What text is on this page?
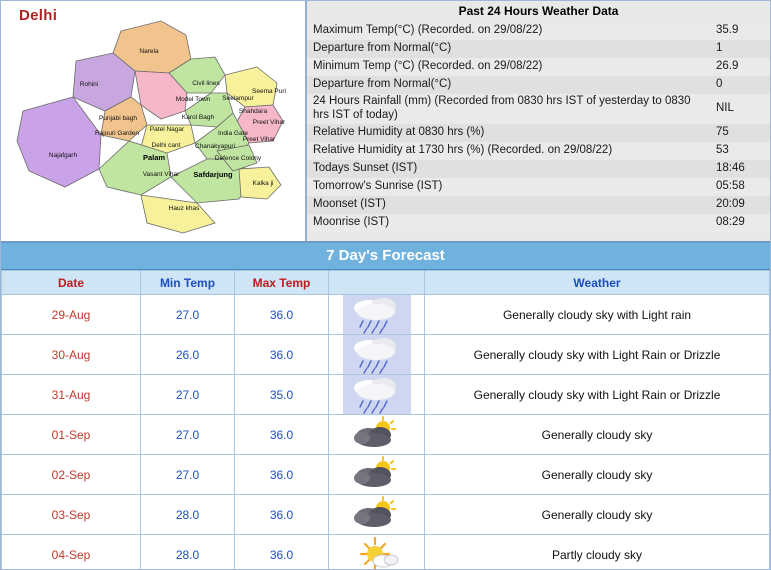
Delhi
Narela
Rohini	Civil lines
Model Town Seelampur
Seema Puri
Shahdara
Punjabi bagh	Karol Bagh
Patel Nagar
Rajouri Garden	India Gate
Preet Vihar
Preet Vihar
Delhi cant
Najafgarh	Palam
Chanakyapuri
Defence Colony
Vasant Vihar Safdarjung
Kalka ji
Hauz khas
Past 24 Hours Weather Data
Maximum Temp(°C) (Recorded. on 29/08/22)	35.9
Departure from Normal(°C)	1
Minimum Temp (°C) (Recorded. on 29/08/22)	26.9
Departure from Normal(°C)	0
24 Hours Rainfall (mm) (Recorded from 0830 hrs IST of yesterday to 0830 hrs IST of today)	NIL
Relative Humidity at 0830 hrs (%)	75
Relative Humidity at 1730 hrs (%) (Recorded. on 29/08/22)	53
Todays Sunset (IST)	18:46
Tomorrow's Sunrise (IST)	05:58
Moonset (IST)	20:09
Moonrise (IST)	08:29
7 Day's Forecast
Date	Min Temp	Max Temp		Weather
29-Aug	27.0	36.0		Generally cloudy sky with Light rain
30-Aug	26.0	36.0		Generally cloudy sky with Light Rain or Drizzle
31-Aug	27.0	35.0		Generally cloudy sky with Light Rain or Drizzle
01-Sep	27.0	36.0		Generally cloudy sky
02-Sep	27.0	36.0		Generally cloudy sky
03-Sep	28.0	36.0		Generally cloudy sky
04-Sep	28.0	36.0		Partly cloudy sky
